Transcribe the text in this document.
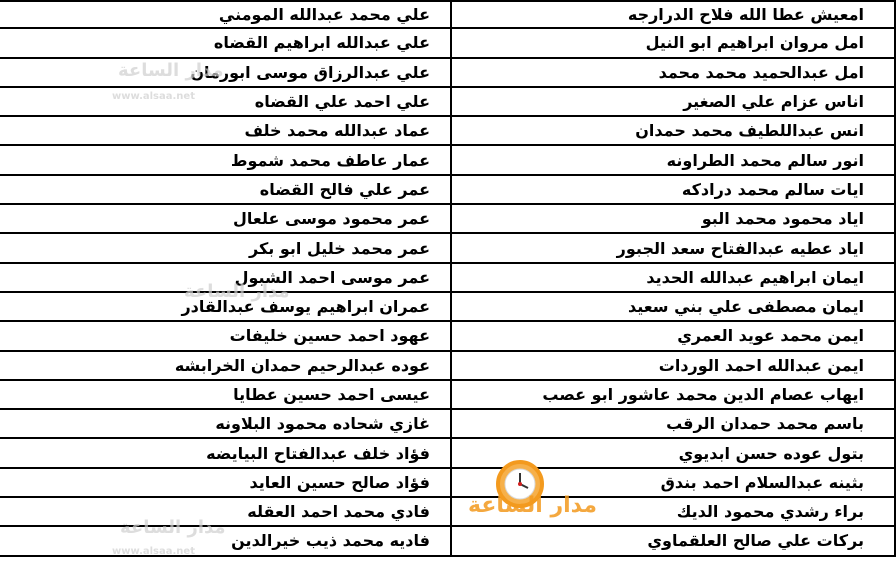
امعيش عطا الله فلاح الدرارجه
امل مروان ابراهيم ابو النيل
امل عبدالحميد محمد محمد
اناس عزام علي الصغير
انس عبداللطيف محمد حمدان
انور سالم محمد الطراونه
ايات سالم محمد درادكه
اياد محمود محمد البو
اياد عطيه عبدالفتاح سعد الجبور
ايمان ابراهيم عبدالله الحديد
ايمان مصطفى علي بني سعيد
ايمن محمد عويد العمري
ايمن عبدالله احمد الوردات
ايهاب عصام الدين محمد عاشور ابو عصب
باسم محمد حمدان الرقب
بتول عوده حسن ابديوي
بثينه عبدالسلام احمد بندق
براء رشدي محمود الديك
بركات علي صالح العلقماوي
علي محمد عبدالله المومني
علي عبدالله ابراهيم القضاه
علي عبدالرزاق موسى ابورمان
علي احمد علي القضاه
عماد عبدالله محمد خلف
عمار عاطف محمد شموط
عمر علي فالح القضاه
عمر محمود موسى علعال
عمر محمد خليل ابو بكر
عمر موسى احمد الشبول
عمران ابراهيم يوسف عبدالقادر
عهود احمد حسين خليفات
عوده عبدالرحيم حمدان الخرابشه
عيسى احمد حسين عطايا
غازي شحاده محمود البلاونه
فؤاد خلف عبدالفتاح البيايضه
فؤاد صالح حسين العايد
فادي محمد احمد العقله
فاديه محمد ذيب خيرالدين
مدار الساعة
www.alsaa.net
مدار الساعة
مدار الساعة
www.alsaa.net
مدار الساعة
